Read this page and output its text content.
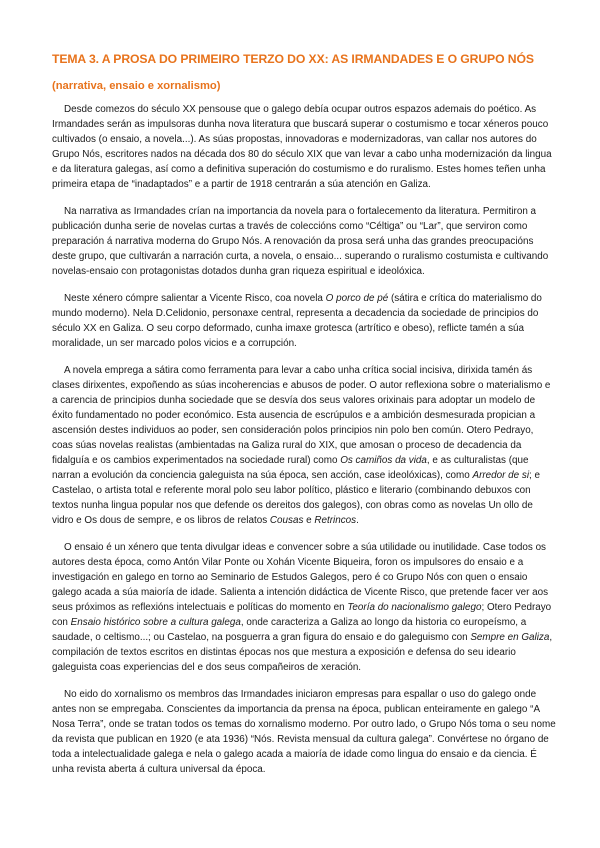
TEMA 3. A PROSA DO PRIMEIRO TERZO DO XX: AS IRMANDADES E O GRUPO NÓS
(narrativa, ensaio e xornalismo)

Desde comezos do século XX pensouse que o galego debía ocupar outros espazos ademais do poético. As Irmandades serán as impulsoras dunha nova literatura que buscará superar o costumismo e tocar xéneros pouco cultivados (o ensaio, a novela...). As súas propostas, innovadoras e modernizadoras, van callar nos autores do Grupo Nós, escritores nados na década dos 80 do século XIX que van levar a cabo unha modernización da lingua e da literatura galegas, así como a definitiva superación do costumismo e do ruralismo. Estes homes teñen unha primeira etapa de “inadaptados” e a partir de 1918 centrarán a súa atención en Galiza.

Na narrativa as Irmandades crían na importancia da novela para o fortalecemento da literatura. Permitiron a publicación dunha serie de novelas curtas a través de coleccións como “Céltiga” ou “Lar”, que serviron como preparación á narrativa moderna do Grupo Nós. A renovación da prosa será unha das grandes preocupacións deste grupo, que cultivarán a narración curta, a novela, o ensaio... superando o ruralismo costumista e cultivando novelas-ensaio con protagonistas dotados dunha gran riqueza espiritual e ideolóxica.

Neste xénero cómpre salientar a Vicente Risco, coa novela O porco de pé (sátira e crítica do materialismo do mundo moderno). Nela D.Celidonio, personaxe central, representa a decadencia da sociedade de principios do século XX en Galiza. O seu corpo deformado, cunha imaxe grotesca (artrítico e obeso), reflicte tamén a súa moralidade, un ser marcado polos vicios e a corrupción.

A novela emprega a sátira como ferramenta para levar a cabo unha crítica social incisiva, dirixida tamén ás clases dirixentes, expoñendo as súas incoherencias e abusos de poder. O autor reflexiona sobre o materialismo e a carencia de principios dunha sociedade que se desvía dos seus valores orixinais para adoptar un modelo de éxito fundamentado no poder económico. Esta ausencia de escrúpulos e a ambición desmesurada propician a ascensión destes individuos ao poder, sen consideración polos principios nin polo ben común. Otero Pedrayo, coas súas novelas realistas (ambientadas na Galiza rural do XIX, que amosan o proceso de decadencia da fidalguía e os cambios experimentados na sociedade rural) como Os camiños da vida, e as culturalistas (que narran a evolución da conciencia galeguista na súa época, sen acción, case ideolóxicas), como Arredor de si; e Castelao, o artista total e referente moral polo seu labor político, plástico e literario (combinando debuxos con textos nunha lingua popular nos que defende os dereitos dos galegos), con obras como as novelas Un ollo de vidro e Os dous de sempre, e os libros de relatos Cousas e Retrincos.

O ensaio é un xénero que tenta divulgar ideas e convencer sobre a súa utilidade ou inutilidade. Case todos os autores desta época, como Antón Vilar Ponte ou Xohán Vicente Biqueira, foron os impulsores do ensaio e a investigación en galego en torno ao Seminario de Estudos Galegos, pero é co Grupo Nós con quen o ensaio galego acada a súa maioría de idade. Salienta a intención didáctica de Vicente Risco, que pretende facer ver aos seus próximos as reflexións intelectuais e políticas do momento en Teoría do nacionalismo galego; Otero Pedrayo con Ensaio histórico sobre a cultura galega, onde caracteriza a Galiza ao longo da historia co europeísmo, a saudade, o celtismo...; ou Castelao, na posguerra a gran figura do ensaio e do galeguismo con Sempre en Galiza, compilación de textos escritos en distintas épocas nos que mestura a exposición e defensa do seu ideario galeguista coas experiencias del e dos seus compañeiros de xeración.

No eido do xornalismo os membros das Irmandades iniciaron empresas para espallar o uso do galego onde antes non se empregaba. Conscientes da importancia da prensa na época, publican enteiramente en galego “A Nosa Terra”, onde se tratan todos os temas do xornalismo moderno. Por outro lado, o Grupo Nós toma o seu nome da revista que publican en 1920 (e ata 1936) “Nós. Revista mensual da cultura galega”. Convértese no órgano de toda a intelectualidade galega e nela o galego acada a maioría de idade como lingua do ensaio e da ciencia. É unha revista aberta á cultura universal da época.
